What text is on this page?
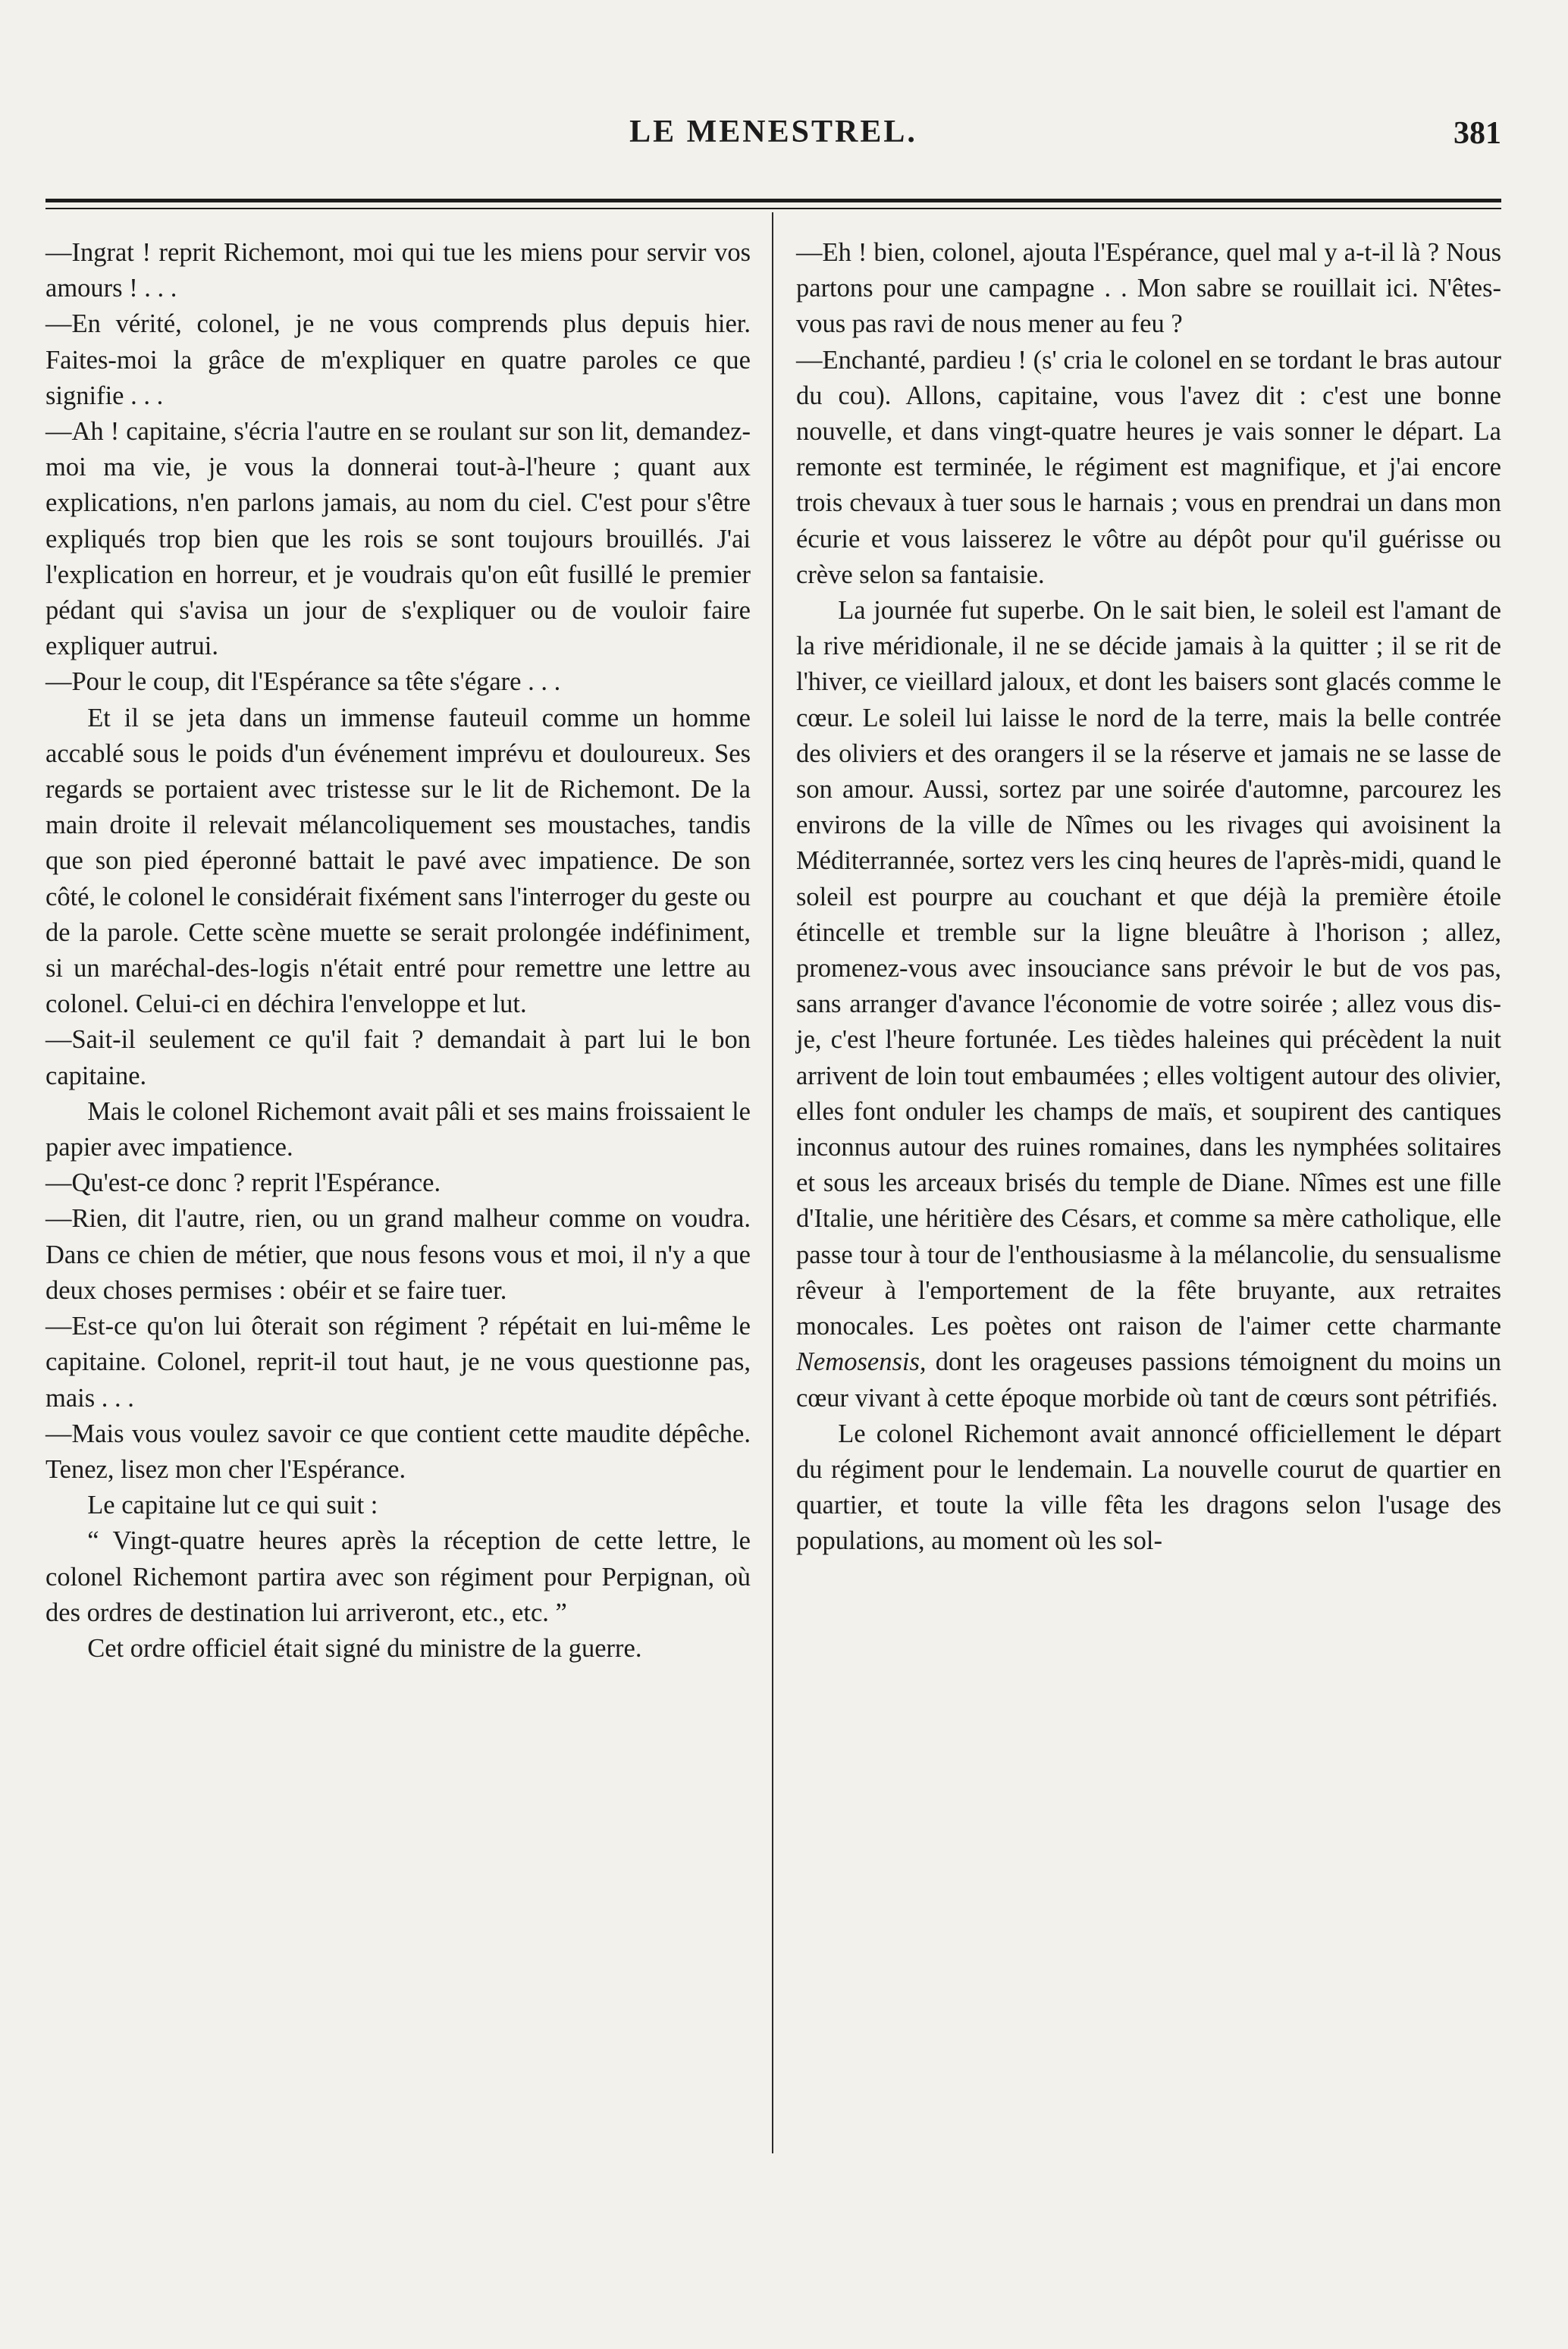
LE MENESTREL.	381

—Ingrat ! reprit Richemont, moi qui tue les miens pour servir vos amours ! . . .

—En vérité, colonel, je ne vous comprends plus depuis hier. Faites-moi la grâce de m'expliquer en quatre paroles ce que signifie . . .

—Ah ! capitaine, s'écria l'autre en se roulant sur son lit, demandez-moi ma vie, je vous la donnerai tout-à-l'heure ; quant aux explications, n'en parlons jamais, au nom du ciel. C'est pour s'être expliqués trop bien que les rois se sont toujours brouillés. J'ai l'explication en horreur, et je voudrais qu'on eût fusillé le premier pédant qui s'avisa un jour de s'expliquer ou de vouloir faire expliquer autrui.

—Pour le coup, dit l'Espérance sa tête s'égare . . .

Et il se jeta dans un immense fauteuil comme un homme accablé sous le poids d'un événement imprévu et douloureux. Ses regards se portaient avec tristesse sur le lit de Richemont. De la main droite il relevait mélancoliquement ses moustaches, tandis que son pied éperonné battait le pavé avec impatience. De son côté, le colonel le considérait fixément sans l'interroger du geste ou de la parole. Cette scène muette se serait prolongée indéfiniment, si un maréchal-des-logis n'était entré pour remettre une lettre au colonel. Celui-ci en déchira l'enveloppe et lut.

—Sait-il seulement ce qu'il fait ? demandait à part lui le bon capitaine.

Mais le colonel Richemont avait pâli et ses mains froissaient le papier avec impatience.

—Qu'est-ce donc ? reprit l'Espérance.

—Rien, dit l'autre, rien, ou un grand malheur comme on voudra. Dans ce chien de métier, que nous fesons vous et moi, il n'y a que deux choses permises : obéir et se faire tuer.

—Est-ce qu'on lui ôterait son régiment ? répétait en lui-même le capitaine. Colonel, reprit-il tout haut, je ne vous questionne pas, mais . . .

—Mais vous voulez savoir ce que contient cette maudite dépêche. Tenez, lisez mon cher l'Espérance.

Le capitaine lut ce qui suit :

“ Vingt-quatre heures après la réception de cette lettre, le colonel Richemont partira avec son régiment pour Perpignan, où des ordres de destination lui arriveront, etc., etc. ”

Cet ordre officiel était signé du ministre de la guerre.

—Eh ! bien, colonel, ajouta l'Espérance, quel mal y a-t-il là ? Nous partons pour une campagne . . Mon sabre se rouillait ici. N'êtes-vous pas ravi de nous mener au feu ?

—Enchanté, pardieu ! (s' cria le colonel en se tordant le bras autour du cou). Allons, capitaine, vous l'avez dit : c'est une bonne nouvelle, et dans vingt-quatre heures je vais sonner le départ. La remonte est terminée, le régiment est magnifique, et j'ai encore trois chevaux à tuer sous le harnais ; vous en prendrai un dans mon écurie et vous laisserez le vôtre au dépôt pour qu'il guérisse ou crève selon sa fantaisie.

La journée fut superbe. On le sait bien, le soleil est l'amant de la rive méridionale, il ne se décide jamais à la quitter ; il se rit de l'hiver, ce vieillard jaloux, et dont les baisers sont glacés comme le cœur. Le soleil lui laisse le nord de la terre, mais la belle contrée des oliviers et des orangers il se la réserve et jamais ne se lasse de son amour. Aussi, sortez par une soirée d'automne, parcourez les environs de la ville de Nîmes ou les rivages qui avoisinent la Méditerrannée, sortez vers les cinq heures de l'après-midi, quand le soleil est pourpre au couchant et que déjà la première étoile étincelle et tremble sur la ligne bleuâtre à l'horison ; allez, promenez-vous avec insouciance sans prévoir le but de vos pas, sans arranger d'avance l'économie de votre soirée ; allez vous dis-je, c'est l'heure fortunée. Les tièdes haleines qui précèdent la nuit arrivent de loin tout embaumées ; elles voltigent autour des olivier, elles font onduler les champs de maïs, et soupirent des cantiques inconnus autour des ruines romaines, dans les nymphées solitaires et sous les arceaux brisés du temple de Diane. Nîmes est une fille d'Italie, une héritière des Césars, et comme sa mère catholique, elle passe tour à tour de l'enthousiasme à la mélancolie, du sensualisme rêveur à l'emportement de la fête bruyante, aux retraites monocales. Les poètes ont raison de l'aimer cette charmante Nemosensis, dont les orageuses passions témoignent du moins un cœur vivant à cette époque morbide où tant de cœurs sont pétrifiés.

Le colonel Richemont avait annoncé officiellement le départ du régiment pour le lendemain. La nouvelle courut de quartier en quartier, et toute la ville fêta les dragons selon l'usage des populations, au moment où les sol-
